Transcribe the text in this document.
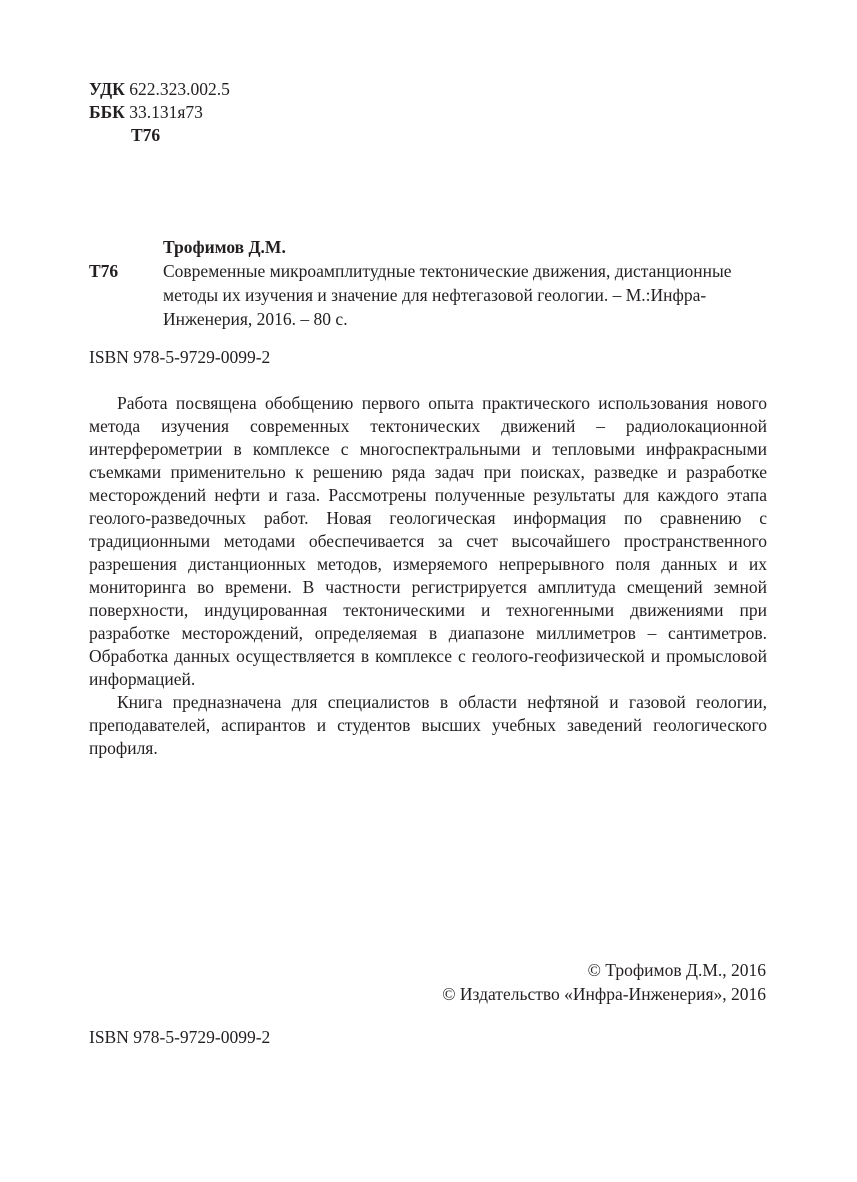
УДК 622.323.002.5
ББК 33.131я73
Т76
Трофимов Д.М.
Т76	Современные микроамплитудные тектонические движения, дистанционные методы их изучения и значение для нефтегазовой геологии. – М.:Инфра-Инженерия, 2016. – 80 с.
ISBN 978-5-9729-0099-2

Работа посвящена обобщению первого опыта практического использования нового метода изучения современных тектонических движений – радиолокационной интерферометрии в комплексе с многоспектральными и тепловыми инфракрасными съемками применительно к решению ряда задач при поисках, разведке и разработке месторождений нефти и газа. Рассмотрены полученные результаты для каждого этапа геолого-разведочных работ. Новая геологическая информация по сравнению с традиционными методами обеспечивается за счет высочайшего пространственного разрешения дистанционных методов, измеряемого непрерывного поля данных и их мониторинга во времени. В частности регистрируется амплитуда смещений земной поверхности, индуцированная тектоническими и техногенными движениями при разработке месторождений, определяемая в диапазоне миллиметров – сантиметров. Обработка данных осуществляется в комплексе с геолого-геофизической и промысловой информацией.

Книга предназначена для специалистов в области нефтяной и газовой геологии, преподавателей, аспирантов и студентов высших учебных заведений геологического профиля.

© Трофимов Д.М., 2016
© Издательство «Инфра-Инженерия», 2016
ISBN 978-5-9729-0099-2
